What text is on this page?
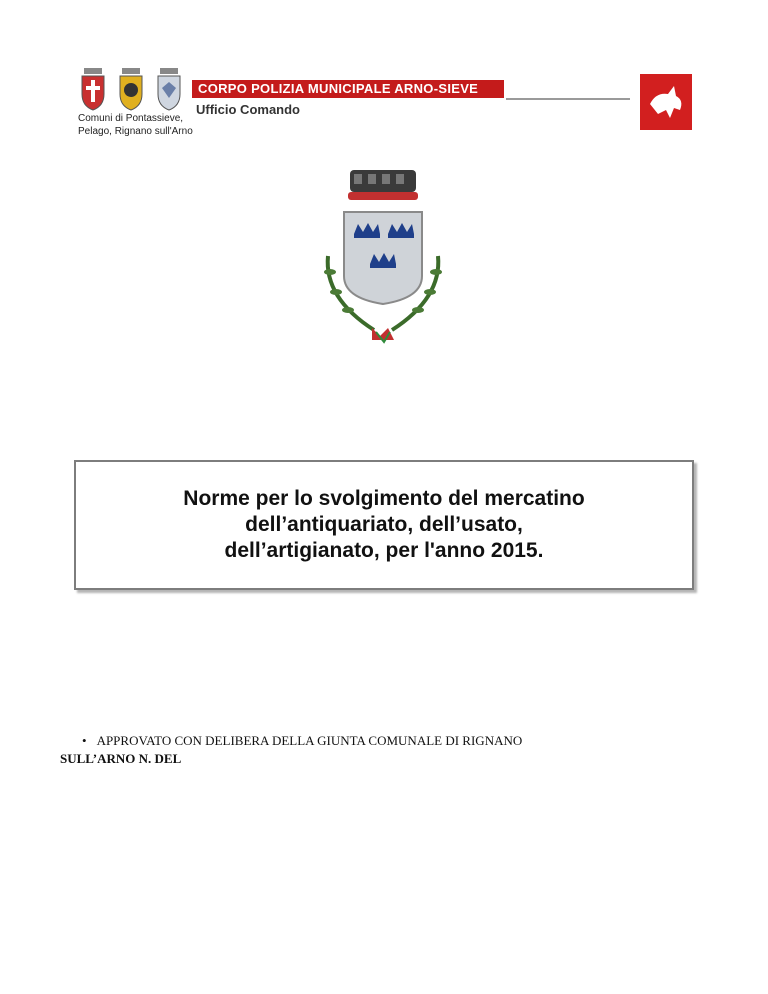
Comuni di Pontassieve,
Pelago, Rignano sull'Arno
CORPO POLIZIA MUNICIPALE ARNO-SIEVE
Ufficio Comando
Norme per lo svolgimento del mercatino
dell’antiquariato, dell’usato,
dell’artigianato, per l'anno 2015.
• APPROVATO CON DELIBERA DELLA GIUNTA COMUNALE DI RIGNANO
SULL’ARNO N. DEL
